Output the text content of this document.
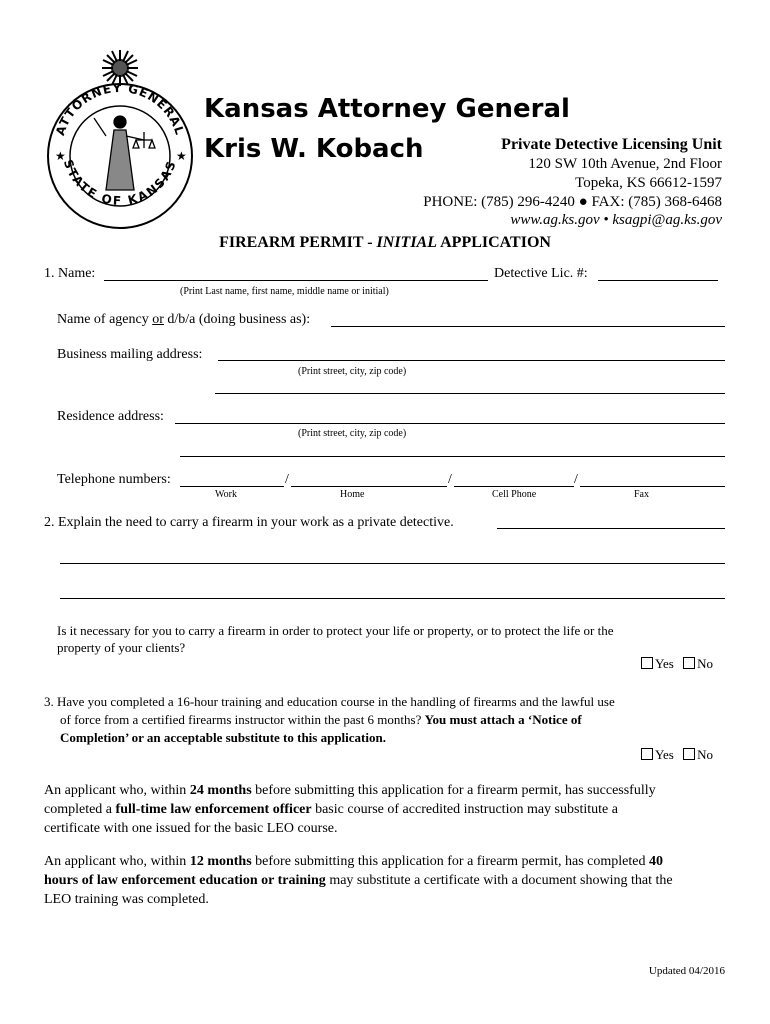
ATTORNEY GENERAL
STATE OF KANSAS
★	★
Kansas Attorney General
Kris W. Kobach	Private Detective Licensing Unit
120 SW 10th Avenue, 2nd Floor
Topeka, KS 66612-1597
PHONE: (785) 296-4240 ● FAX: (785) 368-6468
www.ag.ks.gov • ksagpi@ag.ks.gov
FIREARM PERMIT - INITIAL APPLICATION
1. Name:	Detective Lic. #:
(Print Last name, first name, middle name or initial)
Name of agency or d/b/a (doing business as):
Business mailing address:
(Print street, city, zip code)
Residence address:
(Print street, city, zip code)
Telephone numbers:	/	/	/
Work	Home	Cell Phone	Fax
2. Explain the need to carry a firearm in your work as a private detective.
Is it necessary for you to carry a firearm in order to protect your life or property, or to protect the life or the
property of your clients?
Yes No
3. Have you completed a 16-hour training and education course in the handling of firearms and the lawful use
of force from a certified firearms instructor within the past 6 months? You must attach a ‘Notice of
Completion’ or an acceptable substitute to this application.
Yes No
An applicant who, within 24 months before submitting this application for a firearm permit, has successfully
completed a full-time law enforcement officer basic course of accredited instruction may substitute a
certificate with one issued for the basic LEO course.
An applicant who, within 12 months before submitting this application for a firearm permit, has completed 40
hours of law enforcement education or training may substitute a certificate with a document showing that the
LEO training was completed.
Updated 04/2016
